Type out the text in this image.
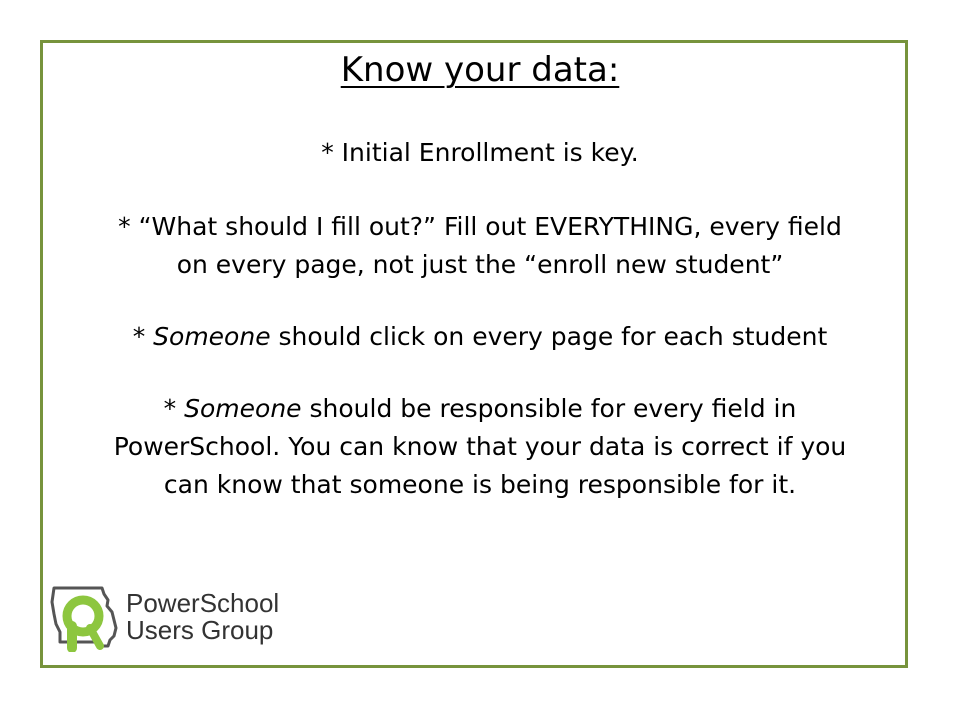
Know your data:

* Initial Enrollment is key.

* “What should I fill out?” Fill out EVERYTHING, every field
on every page, not just the “enroll new student”

* Someone should click on every page for each student

* Someone should be responsible for every field in
PowerSchool. You can know that your data is correct if you
can know that someone is being responsible for it.

PowerSchool
Users Group
